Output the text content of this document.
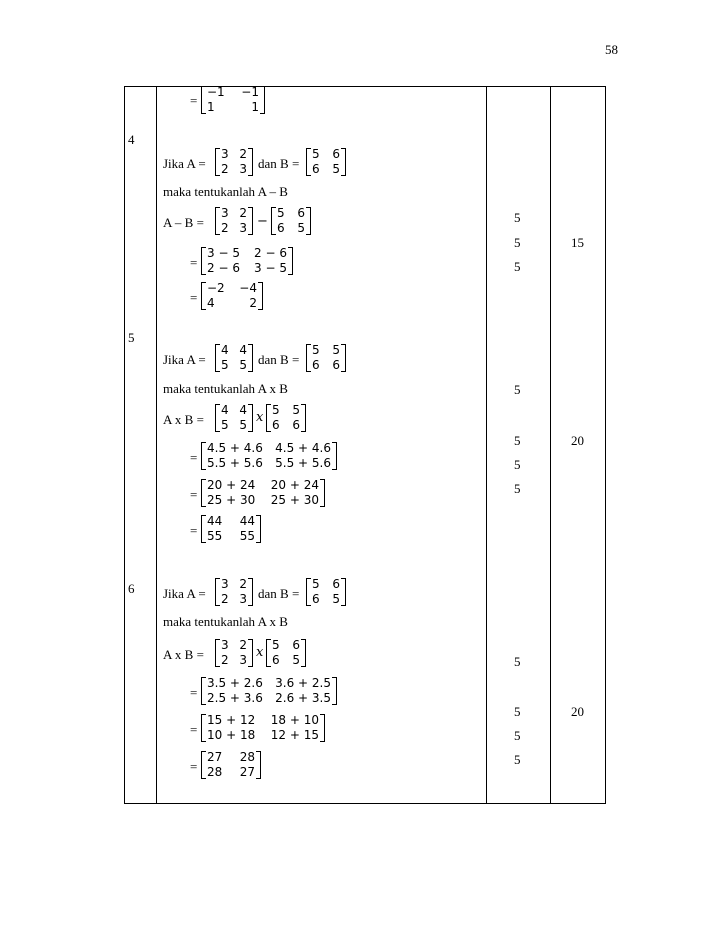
58
=
−1 −1
1	1
4
Jika A =
3 2
2 3 dan B =
5 6
6 5
maka tentukanlah A – B
A – B =
3 2
2 3 −
5 6
6 5
=
3 − 5 2 − 6
2 − 6 3 − 5
=
−2 −4
4	2
5
5
5
15
5
Jika A =
4 4
5 5 dan B =
5 5
6 6
maka tentukanlah A x B
A x B =
4 4
5 5 x 5 5
6 6
=
4.5 + 4.6 4.5 + 4.6
5.5 + 5.6 5.5 + 5.6
=
20 + 24 20 + 24
25 + 30 25 + 30
=
44 44
55 55
5
5
5
5
20
6 Jika A =
3 2
2 3 dan B =
5 6
6 5
maka tentukanlah A x B
A x B =
3 2
2 3 x 5 6
6 5
=
3.5 + 2.6 3.6 + 2.5
2.5 + 3.6 2.6 + 3.5
=
15 + 12 18 + 10
10 + 18 12 + 15
=
27 28
28 27
5
5
5
5
20
